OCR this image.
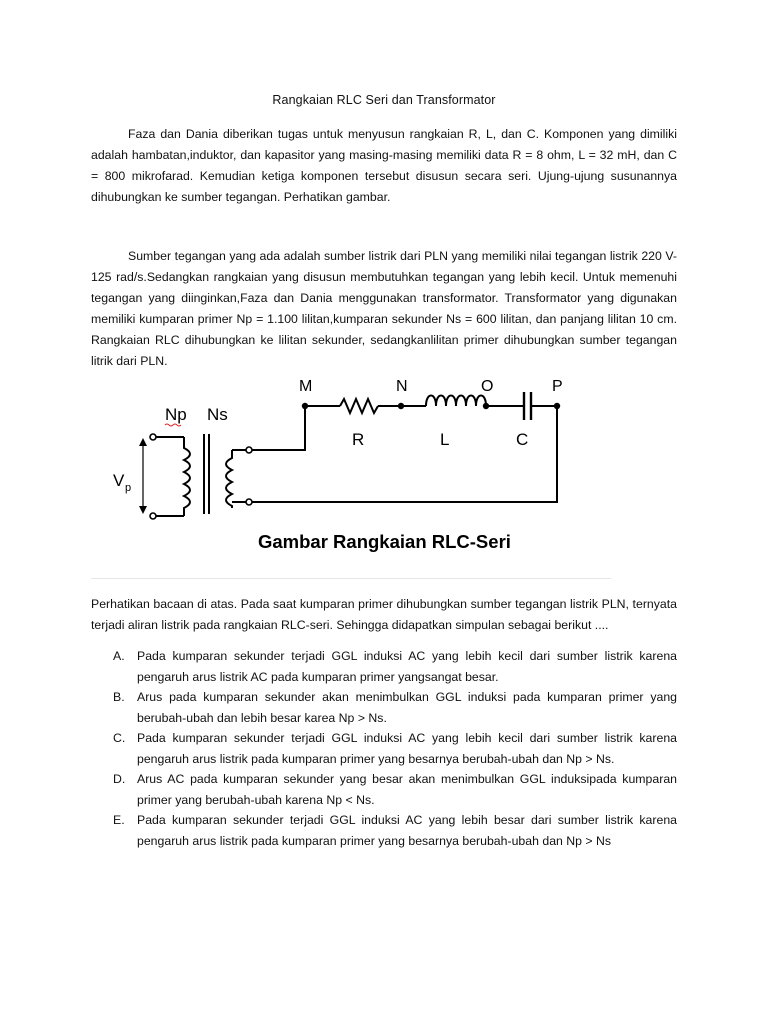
Rangkaian RLC Seri dan Transformator

Faza dan Dania diberikan tugas untuk menyusun rangkaian R, L, dan C. Komponen yang dimiliki adalah hambatan,induktor, dan kapasitor yang masing-masing memiliki data R = 8 ohm, L = 32 mH, dan C = 800 mikrofarad. Kemudian ketiga komponen tersebut disusun secara seri. Ujung-ujung susunannya dihubungkan ke sumber tegangan. Perhatikan gambar.

Sumber tegangan yang ada adalah sumber listrik dari PLN yang memiliki nilai tegangan listrik 220 V-125 rad/s.Sedangkan rangkaian yang disusun membutuhkan tegangan yang lebih kecil. Untuk memenuhi tegangan yang diinginkan,Faza dan Dania menggunakan transformator. Transformator yang digunakan memiliki kumparan primer Np = 1.100 lilitan,kumparan sekunder Ns = 600 lilitan, dan panjang lilitan 10 cm. Rangkaian RLC dihubungkan ke lilitan sekunder, sedangkanlilitan primer dihubungkan sumber tegangan litrik dari PLN.

Np Ns
V p
M	N	O	P
R	L	C
Gambar Rangkaian RLC-Seri

Perhatikan bacaan di atas. Pada saat kumparan primer dihubungkan sumber tegangan listrik PLN, ternyata terjadi aliran listrik pada rangkaian RLC-seri. Sehingga didapatkan simpulan sebagai berikut ....

A. Pada kumparan sekunder terjadi GGL induksi AC yang lebih kecil dari sumber listrik karena pengaruh arus listrik AC pada kumparan primer yangsangat besar.
B. Arus pada kumparan sekunder akan menimbulkan GGL induksi pada kumparan primer yang berubah-ubah dan lebih besar karea Np > Ns.
C. Pada kumparan sekunder terjadi GGL induksi AC yang lebih kecil dari sumber listrik karena pengaruh arus listrik pada kumparan primer yang besarnya berubah-ubah dan Np > Ns.
D. Arus AC pada kumparan sekunder yang besar akan menimbulkan GGL induksipada kumparan primer yang berubah-ubah karena Np < Ns.
E. Pada kumparan sekunder terjadi GGL induksi AC yang lebih besar dari sumber listrik karena pengaruh arus listrik pada kumparan primer yang besarnya berubah-ubah dan Np > Ns
